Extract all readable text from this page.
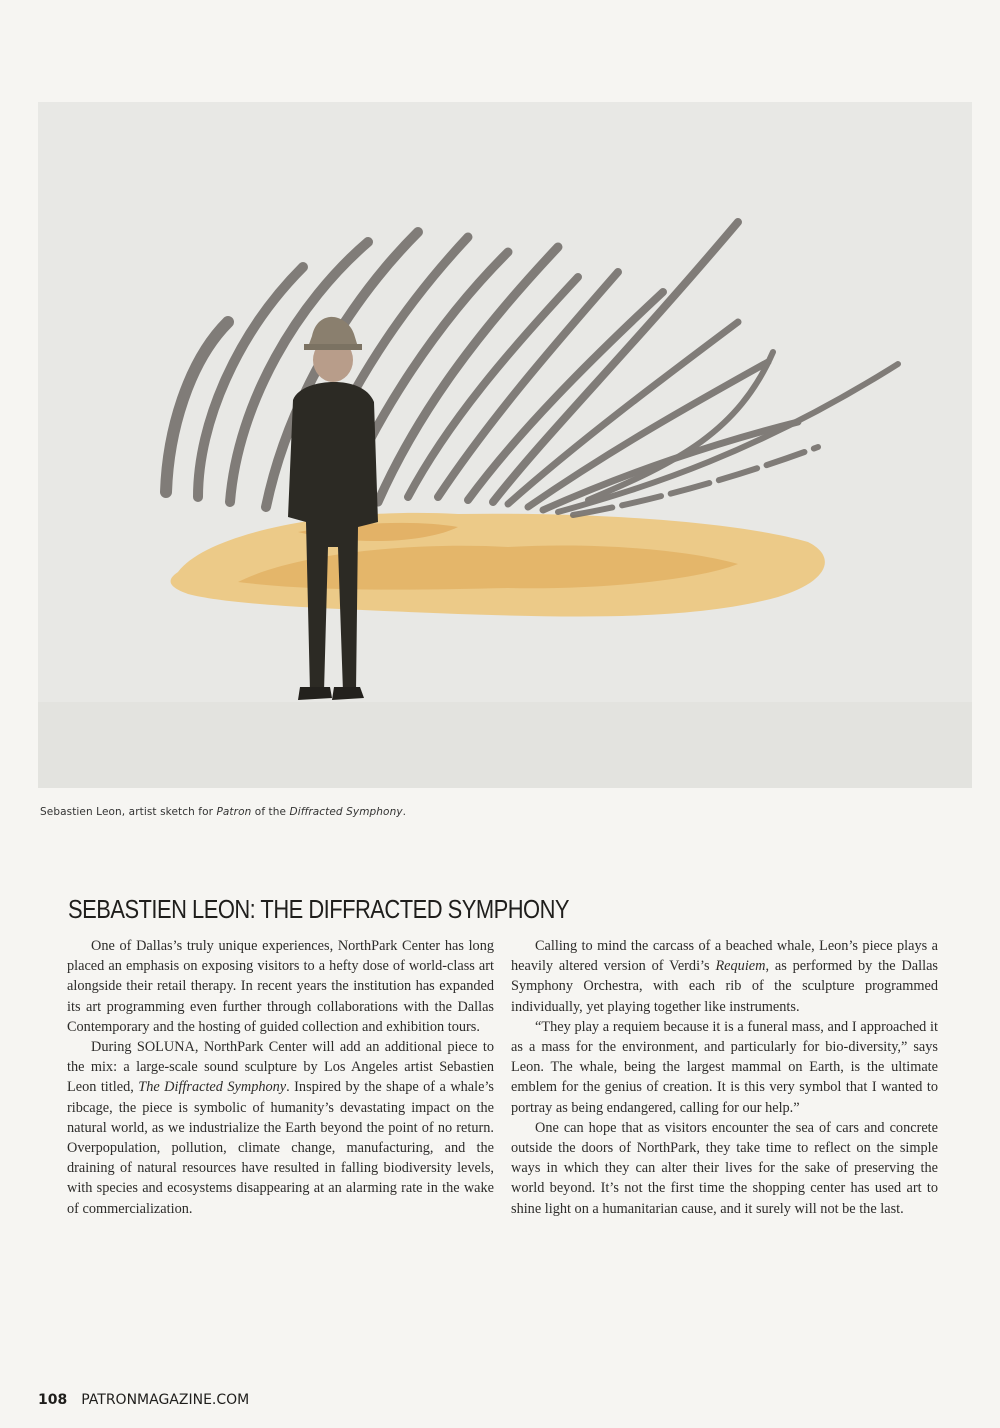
Sebastien Leon, artist sketch for Patron of the Diffracted Symphony.
SEBASTIEN LEON: THE DIFFRACTED SYMPHONY

One of Dallas’s truly unique experiences, NorthPark Center has long placed an emphasis on exposing visitors to a hefty dose of world-class art alongside their retail therapy. In recent years the institution has expanded its art programming even further through collaborations with the Dallas Contemporary and the hosting of guided collection and exhibition tours.

During SOLUNA, NorthPark Center will add an additional piece to the mix: a large-scale sound sculpture by Los Angeles artist Sebastien Leon titled, The Diffracted Symphony. Inspired by the shape of a whale’s ribcage, the piece is symbolic of humanity’s devastating impact on the natural world, as we industrialize the Earth beyond the point of no return. Overpopulation, pollution, climate change, manufacturing, and the draining of natural resources have resulted in falling biodiversity levels, with species and ecosystems disappearing at an alarming rate in the wake of commercialization.

Calling to mind the carcass of a beached whale, Leon’s piece plays a heavily altered version of Verdi’s Requiem, as performed by the Dallas Symphony Orchestra, with each rib of the sculpture programmed individually, yet playing together like instruments.

“They play a requiem because it is a funeral mass, and I approached it as a mass for the environment, and particularly for bio-diversity,” says Leon. The whale, being the largest mammal on Earth, is the ultimate emblem for the genius of creation. It is this very symbol that I wanted to portray as being endangered, calling for our help.”

One can hope that as visitors encounter the sea of cars and concrete outside the doors of NorthPark, they take time to reflect on the simple ways in which they can alter their lives for the sake of preserving the world beyond. It’s not the first time the shopping center has used art to shine light on a humanitarian cause, and it surely will not be the last.

108 PATRONMAGAZINE.COM
